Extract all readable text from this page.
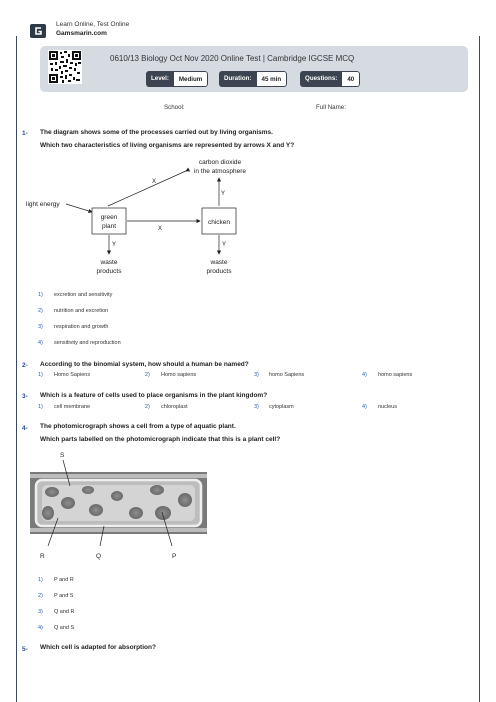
Learn Online, Test Online
Gamsmarin.com
0610/13 Biology Oct Nov 2020 Online Test | Cambridge IGCSE MCQ
Level:	Medium	Duration:	45 min	Questions:	40
School:	Full Name:
1- The diagram shows some of the processes carried out by living organisms.
Which two characteristics of living organisms are represented by arrows X and Y?
carbon dioxide
in the atmosphere
light energy
green
plant
chicken
X
Y
X
Y	Y
waste
products
waste
products
1) excretion and sensitivity
2) nutrition and excretion
3) respiration and growth
4) sensitivity and reproduction
2- According to the binomial system, how should a human be named?
1) Homo Sapiens	2) Homo sapiens	3) homo Sapiens	4) homo sapiens
3- Which is a feature of cells used to place organisms in the plant kingdom?
1) cell membrane	2) chloroplast	3) cytoplasm	4) nucleus
4- The photomicrograph shows a cell from a type of aquatic plant.
Which parts labelled on the photomicrograph indicate that this is a plant cell?
S
R	Q	P
1) P and R
2) P and S
3) Q and R
4) Q and S
5- Which cell is adapted for absorption?
